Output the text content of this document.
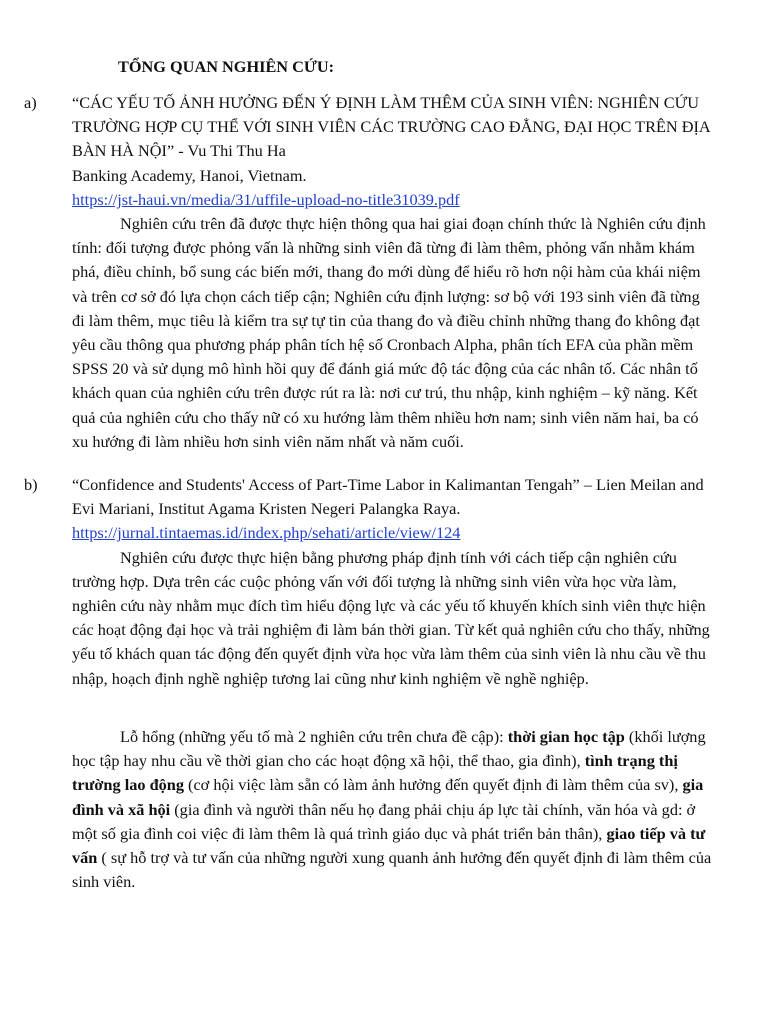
TỔNG QUAN NGHIÊN CỨU:
a)	“CÁC YẾU TỐ ẢNH HƯỞNG ĐẾN Ý ĐỊNH LÀM THÊM CỦA SINH VIÊN: NGHIÊN CỨU TRƯỜNG HỢP CỤ THỂ VỚI SINH VIÊN CÁC TRƯỜNG CAO ĐẲNG, ĐẠI HỌC TRÊN ĐỊA BÀN HÀ NỘI” - Vu Thi Thu Ha

Banking Academy, Hanoi, Vietnam.

https://jst-haui.vn/media/31/uffile-upload-no-title31039.pdf

Nghiên cứu trên đã được thực hiện thông qua hai giai đoạn chính thức là Nghiên cứu định tính: đối tượng được phỏng vấn là những sinh viên đã từng đi làm thêm, phỏng vấn nhằm khám phá, điều chỉnh, bổ sung các biến mới, thang đo mới dùng để hiểu rõ hơn nội hàm của khái niệm và trên cơ sở đó lựa chọn cách tiếp cận; Nghiên cứu định lượng: sơ bộ với 193 sinh viên đã từng đi làm thêm, mục tiêu là kiểm tra sự tự tin của thang đo và điều chỉnh những thang đo không đạt yêu cầu thông qua phương pháp phân tích hệ số Cronbach Alpha, phân tích EFA của phần mềm SPSS 20 và sử dụng mô hình hồi quy để đánh giá mức độ tác động của các nhân tố. Các nhân tố khách quan của nghiên cứu trên được rút ra là: nơi cư trú, thu nhập, kinh nghiệm – kỹ năng. Kết quả của nghiên cứu cho thấy nữ có xu hướng làm thêm nhiều hơn nam; sinh viên năm hai, ba có xu hướng đi làm nhiều hơn sinh viên năm nhất và năm cuối.

b)	“Confidence and Students' Access of Part-Time Labor in Kalimantan Tengah” – Lien Meilan and Evi Mariani, Institut Agama Kristen Negeri Palangka Raya.

https://jurnal.tintaemas.id/index.php/sehati/article/view/124

Nghiên cứu được thực hiện bằng phương pháp định tính với cách tiếp cận nghiên cứu trường hợp. Dựa trên các cuộc phỏng vấn với đối tượng là những sinh viên vừa học vừa làm, nghiên cứu này nhằm mục đích tìm hiểu động lực và các yếu tố khuyến khích sinh viên thực hiện các hoạt động đại học và trải nghiệm đi làm bán thời gian. Từ kết quả nghiên cứu cho thấy, những yếu tố khách quan tác động đến quyết định vừa học vừa làm thêm của sinh viên là nhu cầu về thu nhập, hoạch định nghề nghiệp tương lai cũng như kinh nghiệm về nghề nghiệp.

Lỗ hổng (những yếu tố mà 2 nghiên cứu trên chưa đề cập): thời gian học tập (khối lượng học tập hay nhu cầu về thời gian cho các hoạt động xã hội, thể thao, gia đình), tình trạng thị trường lao động (cơ hội việc làm sẵn có làm ảnh hưởng đến quyết định đi làm thêm của sv), gia đình và xã hội (gia đình và người thân nếu họ đang phải chịu áp lực tài chính, văn hóa và gd: ở một số gia đình coi việc đi làm thêm là quá trình giáo dục và phát triển bản thân), giao tiếp và tư vấn ( sự hỗ trợ và tư vấn của những người xung quanh ảnh hưởng đến quyết định đi làm thêm của sinh viên.
